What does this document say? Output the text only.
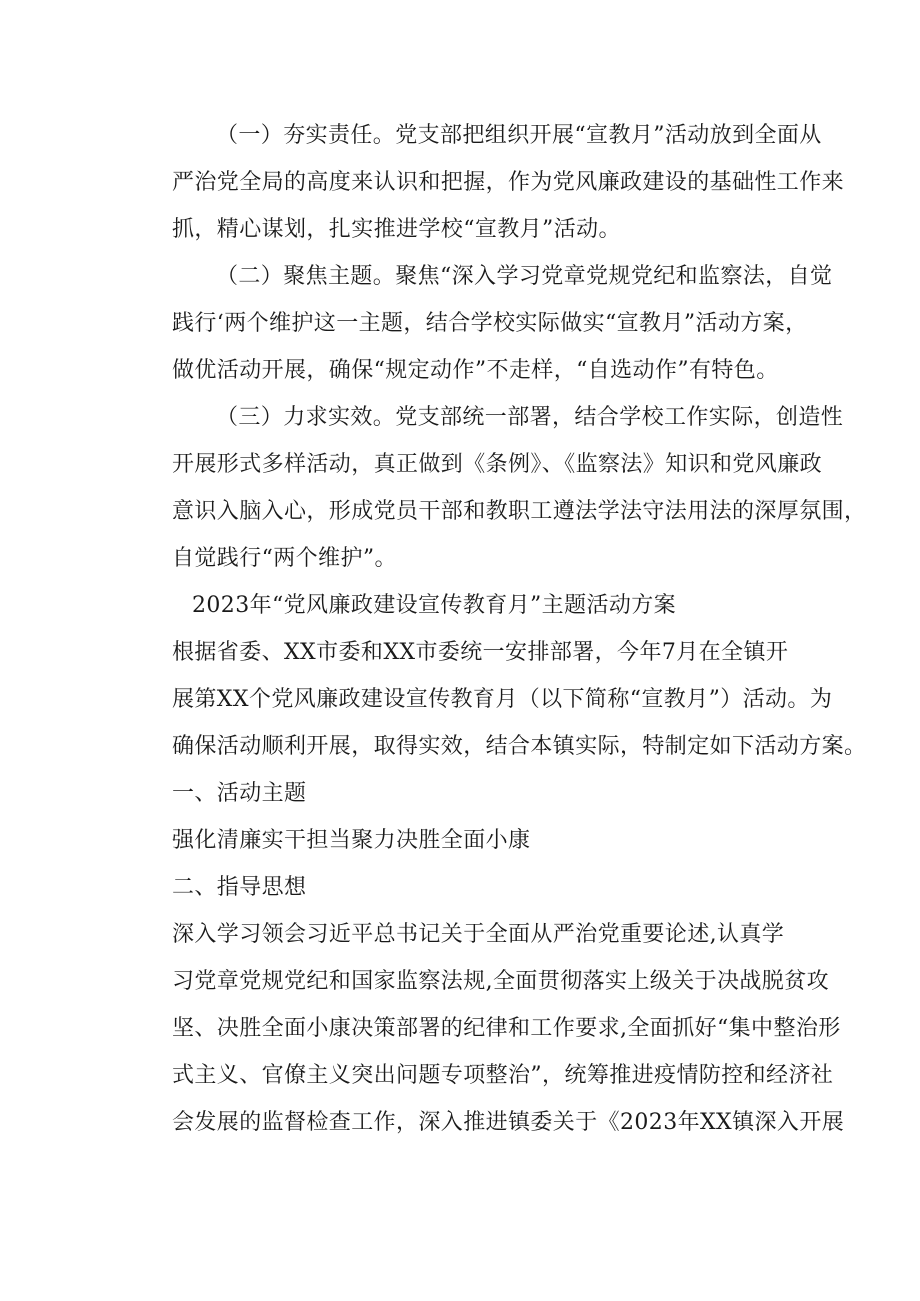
（一）夯实责任。党支部把组织开展“宣教月”活动放到全面从
严治党全局的高度来认识和把握，作为党风廉政建设的基础性工作来
抓，精心谋划，扎实推进学校“宣教月”活动。
（二）聚焦主题。聚焦“深入学习党章党规党纪和监察法，自觉
践行‘两个维护这一主题，结合学校实际做实“宣教月”活动方案，
做优活动开展，确保“规定动作”不走样，“自选动作”有特色。
（三）力求实效。党支部统一部署，结合学校工作实际，创造性
开展形式多样活动，真正做到《条例》、《监察法》知识和党风廉政
意识入脑入心，形成党员干部和教职工遵法学法守法用法的深厚氛围，
自觉践行“两个维护”。
2023年“党风廉政建设宣传教育月”主题活动方案
根据省委、XX市委和XX市委统一安排部署，今年7月在全镇开
展第XX个党风廉政建设宣传教育月（以下简称“宣教月”）活动。为
确保活动顺利开展，取得实效，结合本镇实际，特制定如下活动方案。
一、活动主题
强化清廉实干担当聚力决胜全面小康
二、指导思想
深入学习领会习近平总书记关于全面从严治党重要论述,认真学
习党章党规党纪和国家监察法规,全面贯彻落实上级关于决战脱贫攻
坚、决胜全面小康决策部署的纪律和工作要求,全面抓好“集中整治形
式主义、官僚主义突出问题专项整治”，统筹推进疫情防控和经济社
会发展的监督检查工作，深入推进镇委关于《2023年XX镇深入开展
